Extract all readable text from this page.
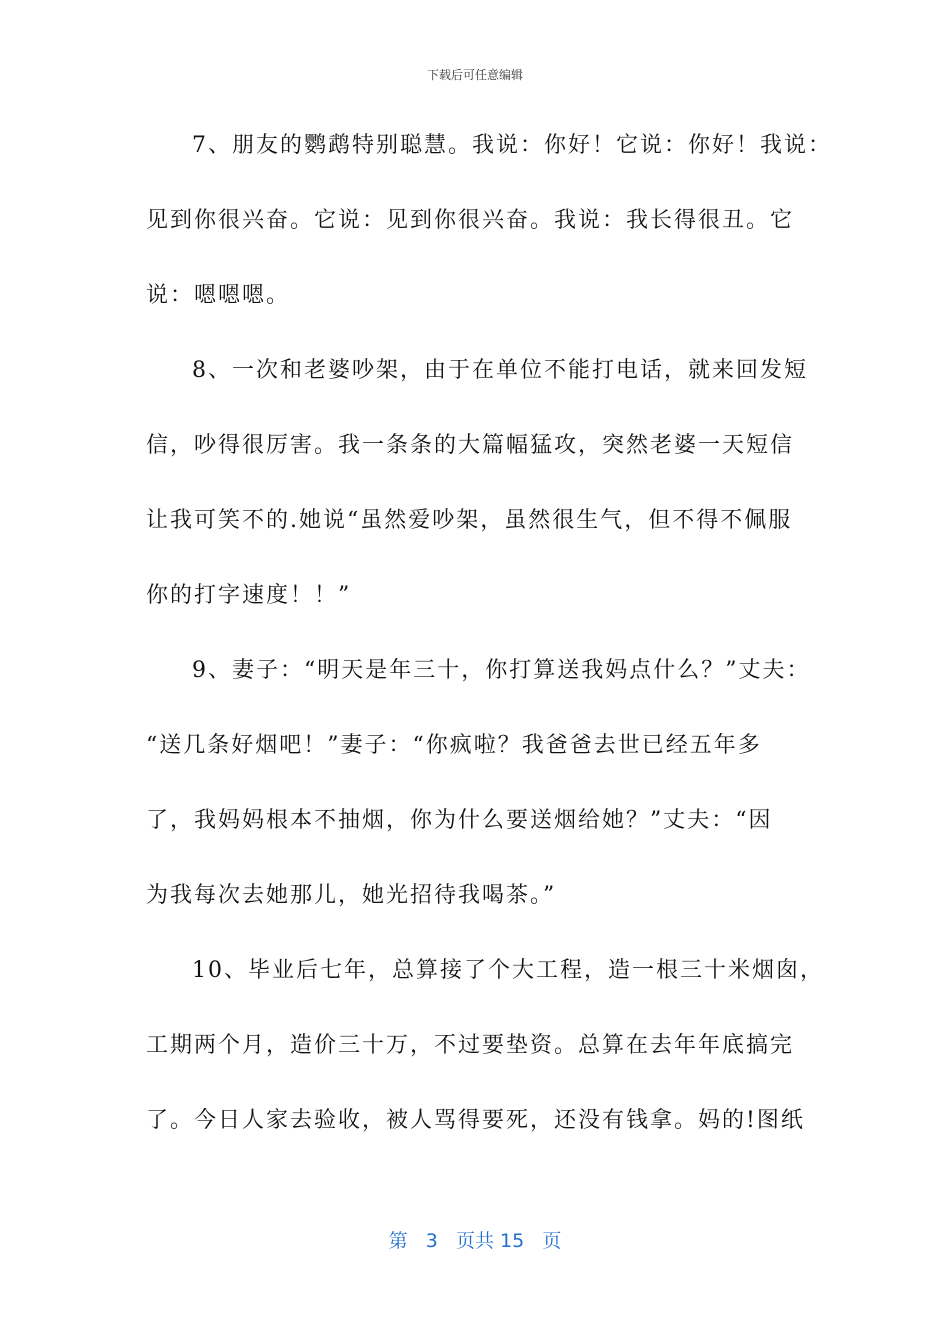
下载后可任意编辑
7、朋友的鹦鹉特别聪慧。我说：你好！它说：你好！我说：
见到你很兴奋。它说：见到你很兴奋。我说：我长得很丑。它
说：嗯嗯嗯。
8、一次和老婆吵架，由于在单位不能打电话，就来回发短
信，吵得很厉害。我一条条的大篇幅猛攻，突然老婆一天短信
让我可笑不的.她说“虽然爱吵架，虽然很生气，但不得不佩服
你的打字速度！！”
9、妻子：“明天是年三十，你打算送我妈点什么？”丈夫：
“送几条好烟吧！”妻子：“你疯啦？我爸爸去世已经五年多
了，我妈妈根本不抽烟，你为什么要送烟给她？”丈夫：“因
为我每次去她那儿，她光招待我喝茶。”
10、毕业后七年，总算接了个大工程，造一根三十米烟囱，
工期两个月，造价三十万，不过要垫资。总算在去年年底搞完
了。今日人家去验收，被人骂得要死，还没有钱拿。妈的!图纸
第 3 页共 15 页
